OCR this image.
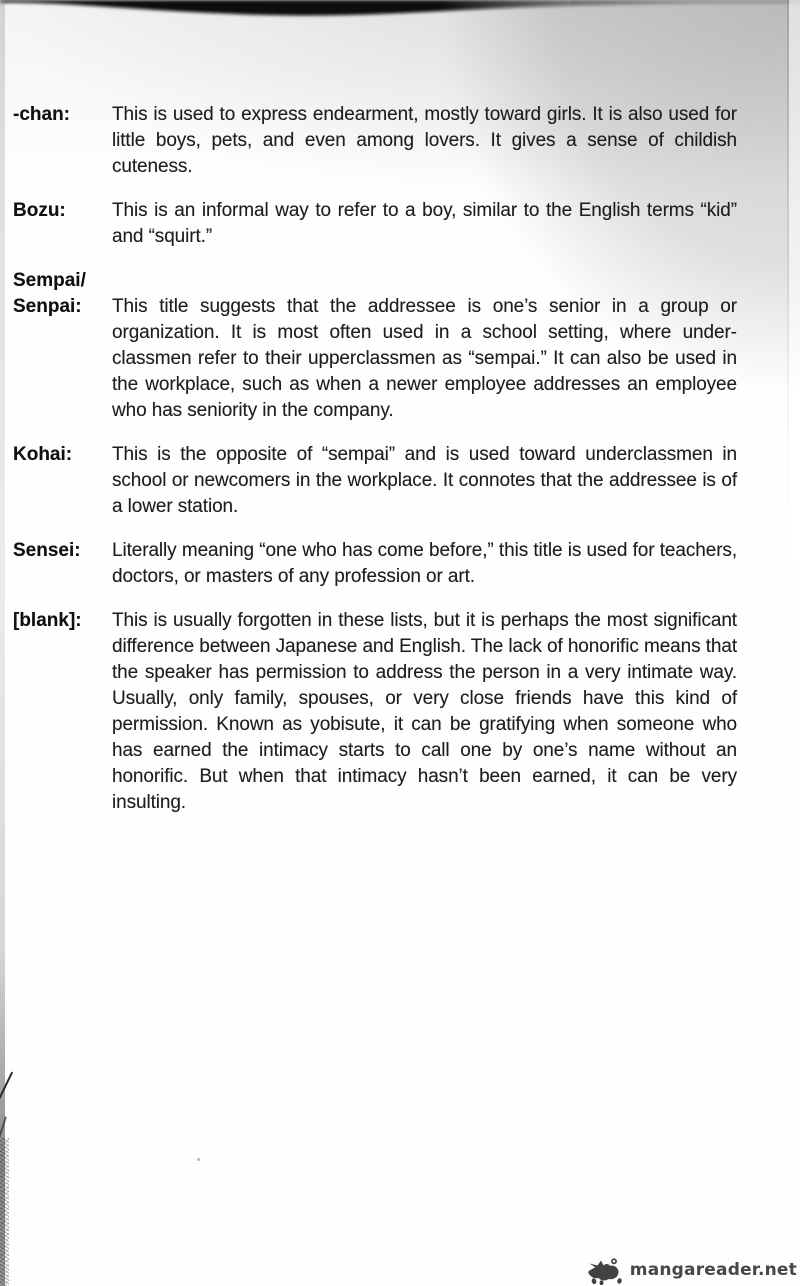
-chan:	This is used to express endearment, mostly toward girls. It is also used for little boys, pets, and even among lovers. It gives a sense of childish cuteness.

Bozu:	This is an informal way to refer to a boy, similar to the English terms “kid” and “squirt.”

Sempai/
Senpai:	This title suggests that the addressee is one’s senior in a group or organization. It is most often used in a school setting, where underclassmen refer to their upperclassmen as “sempai.” It can also be used in the workplace, such as when a newer employee addresses an employee who has seniority in the company.

Kohai:	This is the opposite of “sempai” and is used toward underclassmen in school or newcomers in the workplace. It connotes that the addressee is of a lower station.

Sensei:	Literally meaning “one who has come before,” this title is used for teachers, doctors, or masters of any profession or art.

[blank]:	This is usually forgotten in these lists, but it is perhaps the most significant difference between Japanese and English. The lack of honorific means that the speaker has permission to address the person in a very intimate way. Usually, only family, spouses, or very close friends have this kind of permission. Known as yobisute, it can be gratifying when someone who has earned the intimacy starts to call one by one’s name without an honorific. But when that intimacy hasn’t been earned, it can be very insulting.

mangareader.net
